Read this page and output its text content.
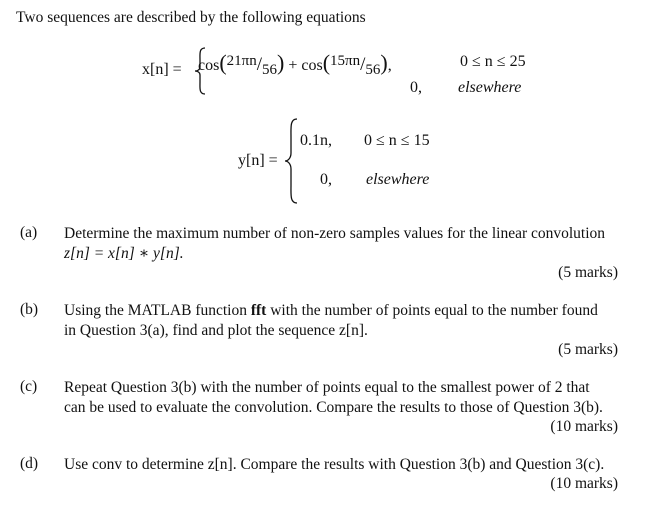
Two sequences are described by the following equations
x[n] = cos(21πn/56) + cos(15πn/56),	0 ≤ n ≤ 25
0, elsewhere
y[n] =
0.1n, 0 ≤ n ≤ 15
0, elsewhere
(a) Determine the maximum number of non-zero samples values for the linear convolution
z[n] = x[n] ∗ y[n].
(5 marks)
(b) Using the MATLAB function fft with the number of points equal to the number found
in Question 3(a), find and plot the sequence z[n].
(5 marks)
(c) Repeat Question 3(b) with the number of points equal to the smallest power of 2 that
can be used to evaluate the convolution. Compare the results to those of Question 3(b).
(10 marks)
(d) Use conv to determine z[n]. Compare the results with Question 3(b) and Question 3(c).
(10 marks)
